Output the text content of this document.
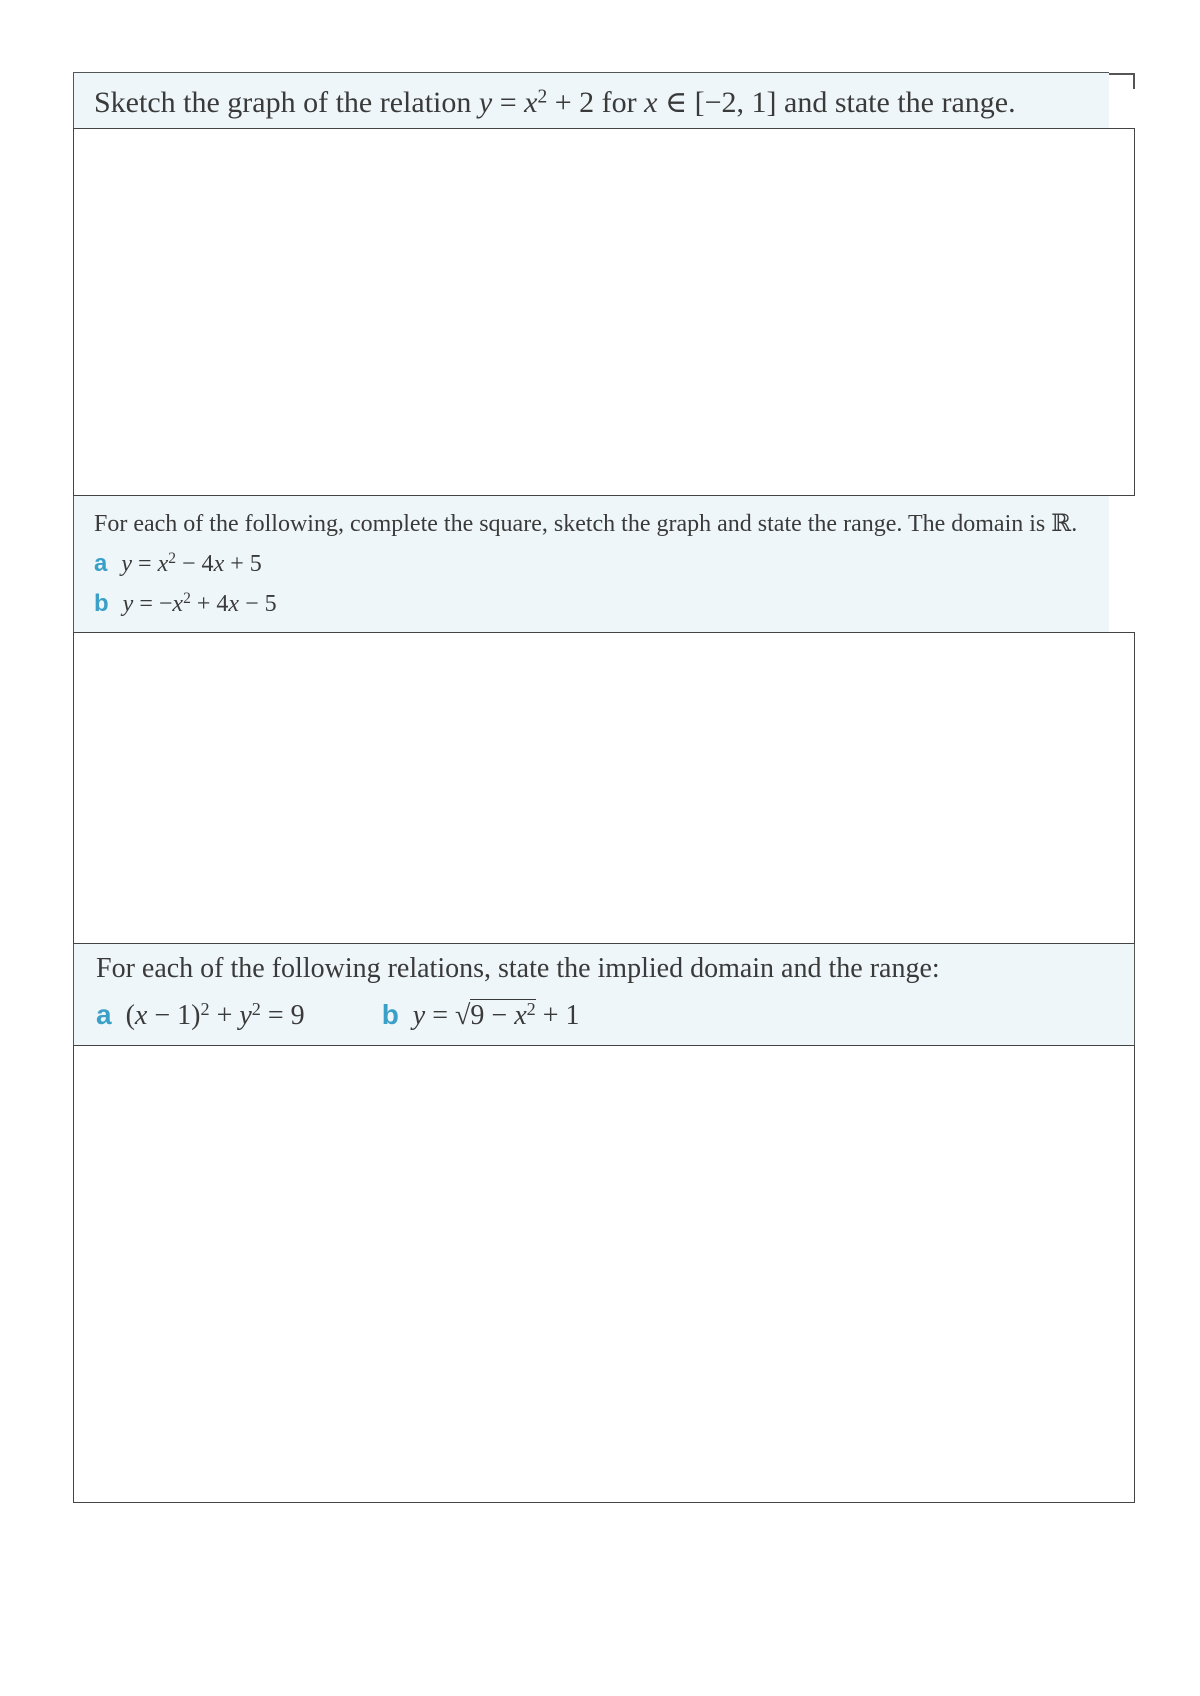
Sketch the graph of the relation $y = x^2 + 2$ for x ∈ [−2, 1] and state the range.
For each of the following, complete the square, sketch the graph and state the range. The domain is ℝ.
a $y = x^2 - 4x + 5$
b $y = -x^2 + 4x - 5$
For each of the following relations, state the implied domain and the range:
a $(x - 1)^2 + y^2 = 9$	b $y = √9 - x^2 + 1$
